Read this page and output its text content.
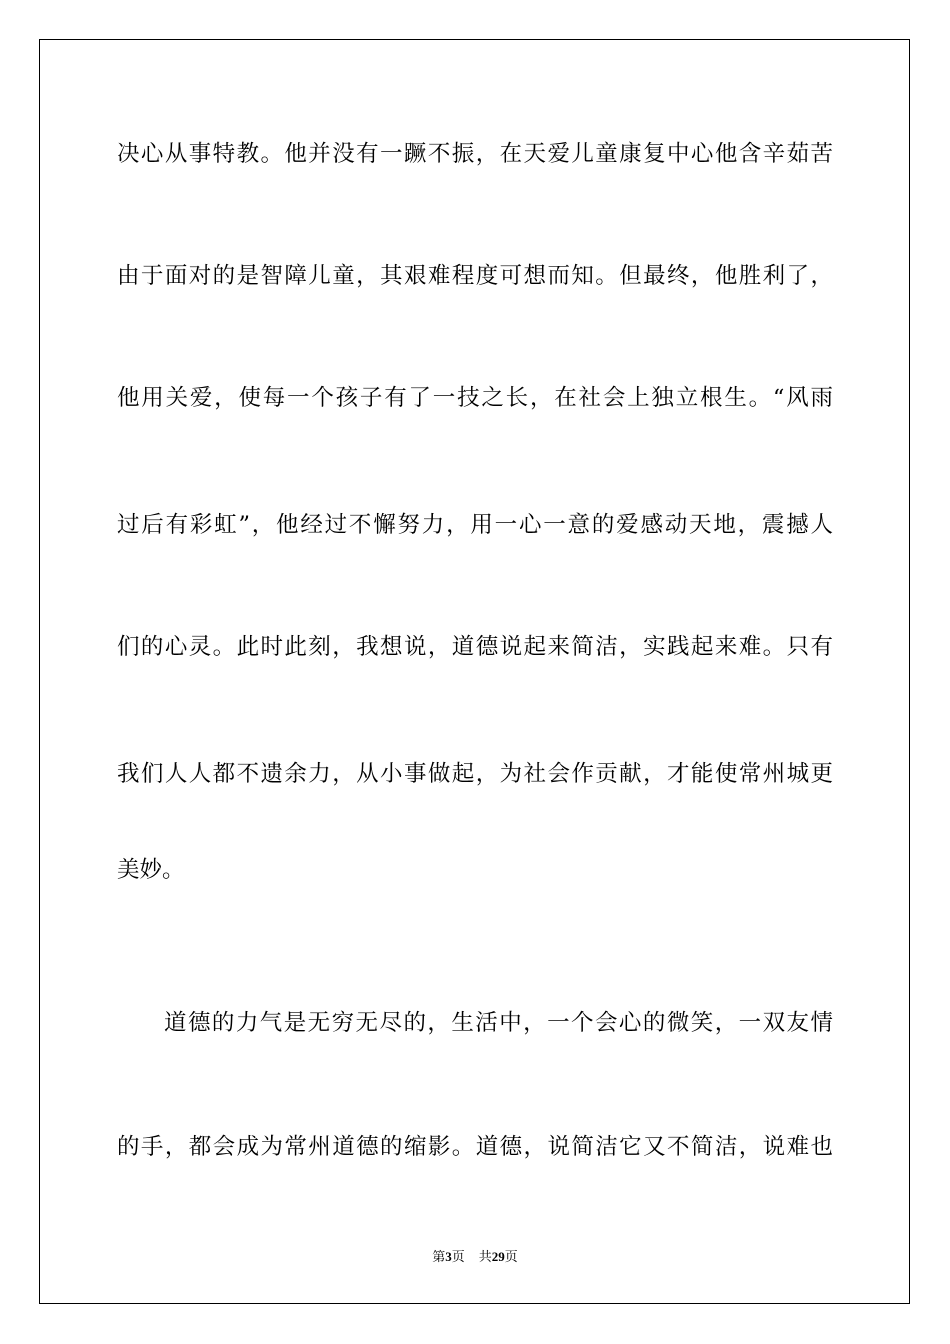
决心从事特教。他并没有一蹶不振，在天爱儿童康复中心他含辛茹苦
由于面对的是智障儿童，其艰难程度可想而知。但最终，他胜利了，
他用关爱，使每一个孩子有了一技之长，在社会上独立根生。“风雨
过后有彩虹”，他经过不懈努力，用一心一意的爱感动天地，震撼人
们的心灵。此时此刻，我想说，道德说起来简洁，实践起来难。只有
我们人人都不遗余力，从小事做起，为社会作贡献，才能使常州城更
美妙。
道德的力气是无穷无尽的，生活中，一个会心的微笑，一双友情
的手，都会成为常州道德的缩影。道德，说简洁它又不简洁，说难也
第3页 共29页
